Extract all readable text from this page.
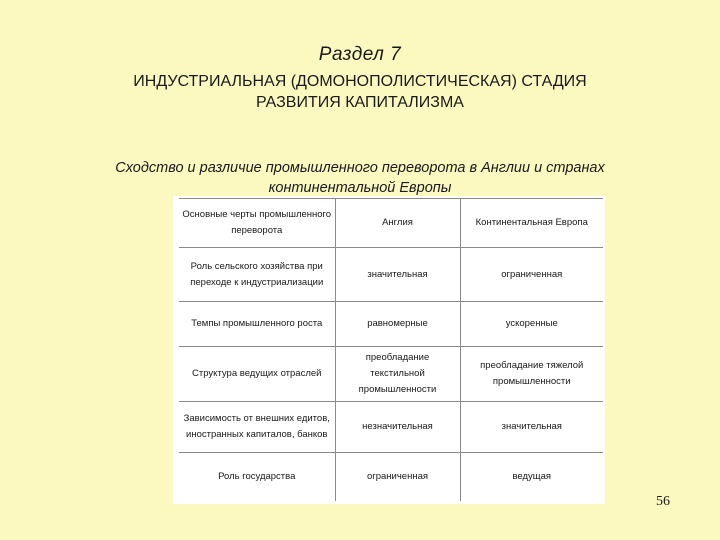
Раздел 7
ИНДУСТРИАЛЬНАЯ (ДОМОНОПОЛИСТИЧЕСКАЯ) СТАДИЯ
РАЗВИТИЯ КАПИТАЛИЗМА
Сходство и различие промышленного переворота в Англии и странах
континентальной Европы
Основные черты промышленного переворота	Англия	Континентальная Европа
Роль сельского хозяйства при переходе к индустриализации	значительная	ограниченная
Темпы промышленного роста	равномерные	ускоренные
Структура ведущих отраслей	преобладание текстильной промышленности	преобладание тяжелой промышленности
Зависимость от внешних едитов, иностранных капиталов, банков	незначительная	значительная
Роль государства	ограниченная	ведущая
56
